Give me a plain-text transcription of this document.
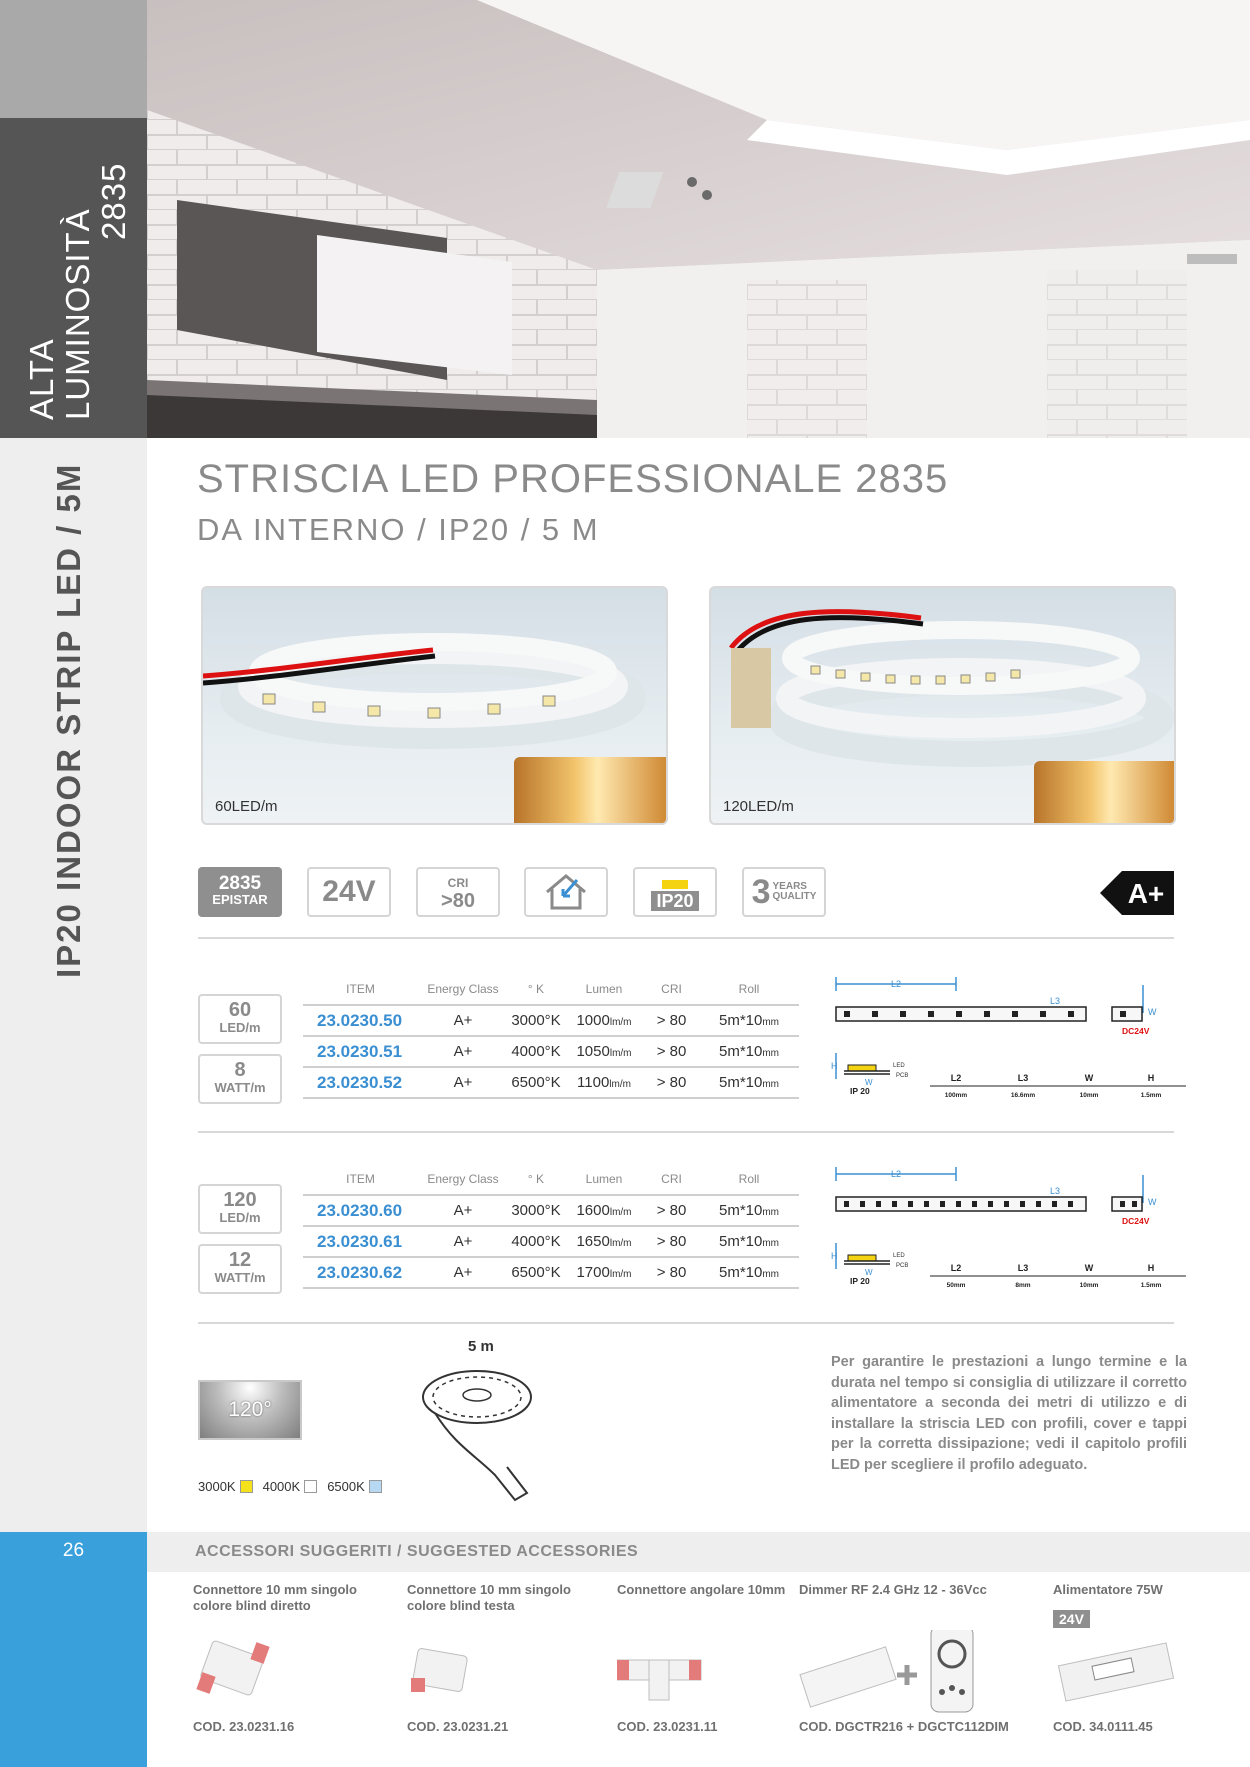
ALTA LUMINOSITÀ
2835
IP20 INDOOR STRIP LED / 5M
26
STRISCIA LED PROFESSIONALE 2835
DA INTERNO / IP20 / 5 M
60LED/m	120LED/m
2835
EPISTAR	24V	CRI
>80	IP20 3 YEARS
QUALITY	A+
60
LED/m
8
WATT/m
ITEM	Energy Class	° K	Lumen	CRI	Roll
23.0230.50	A+	3000°K	1000lm/m	> 80	5m*10mm
23.0230.51	A+	4000°K	1050lm/m	> 80	5m*10mm
23.0230.52	A+	6500°K	1100lm/m	> 80	5m*10mm
L2
L3
W
DC24V
H	LED
PCB
W
IP 20
L2	L3	W	H
100mm	16.6mm	10mm	1.5mm
120
LED/m
12
WATT/m
ITEM	Energy Class	° K	Lumen	CRI	Roll
23.0230.60	A+	3000°K	1600lm/m	> 80	5m*10mm
23.0230.61	A+	4000°K	1650lm/m	> 80	5m*10mm
23.0230.62	A+	6500°K	1700lm/m	> 80	5m*10mm
L2
L3
W
DC24V
H	LED
PCB
W
IP 20
L2	L3	W	H
50mm	8mm	10mm	1.5mm
120°
3000K 4000K 6500K
5 m

Per garantire le prestazioni a lungo termine e la durata nel tempo si consiglia di utilizzare il corretto alimentatore a seconda dei metri di utilizzo e di installare la striscia LED con profili, cover e tappi per la corretta dissipazione; vedi il capitolo profili LED per scegliere il profilo adeguato.

ACCESSORI SUGGERITI / SUGGESTED ACCESSORIES
Connettore 10 mm singolo colore blind diretto
COD. 23.0231.16
Connettore 10 mm singolo colore blind testa
COD. 23.0231.21
Connettore angolare 10mm
COD. 23.0231.11
Dimmer RF 2.4 GHz 12 - 36Vcc
COD. DGCTR216 + DGCTC112DIM
Alimentatore 75W
COD. 34.0111.45
24V
